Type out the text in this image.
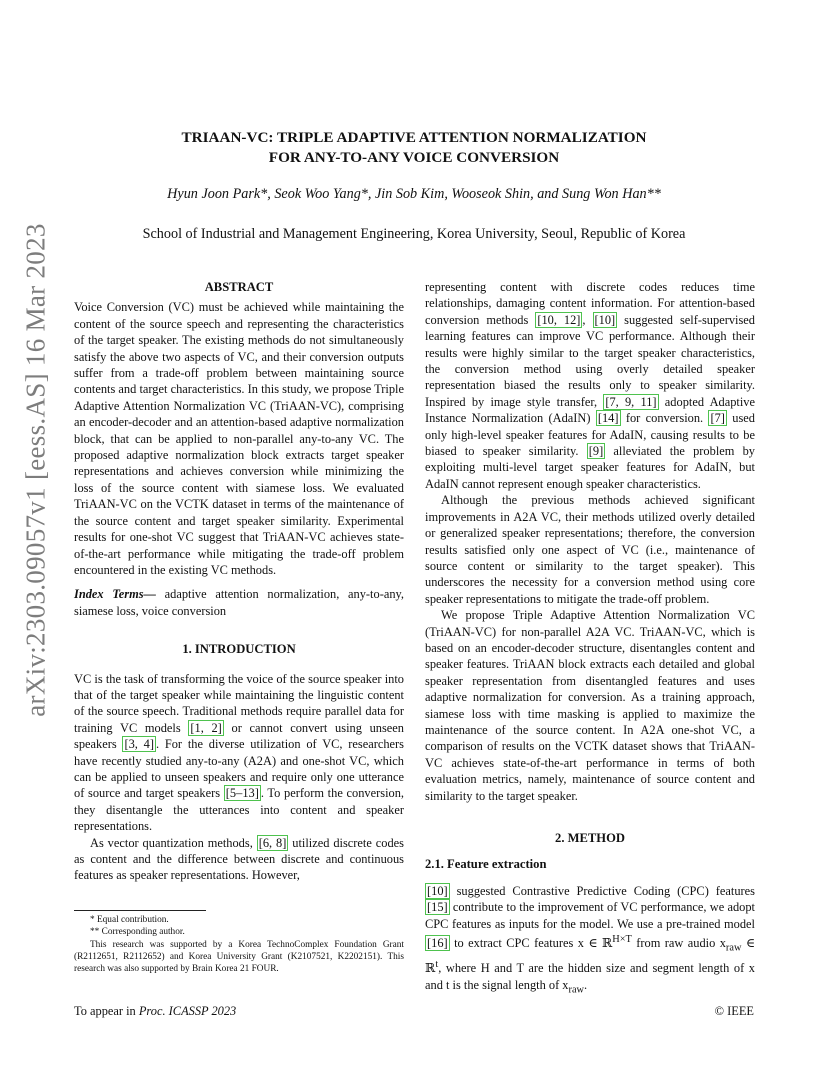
arXiv:2303.09057v1 [eess.AS] 16 Mar 2023
TRIAAN-VC: TRIPLE ADAPTIVE ATTENTION NORMALIZATION
FOR ANY-TO-ANY VOICE CONVERSION
Hyun Joon Park*, Seok Woo Yang*, Jin Sob Kim, Wooseok Shin, and Sung Won Han**
School of Industrial and Management Engineering, Korea University, Seoul, Republic of Korea

ABSTRACT

Voice Conversion (VC) must be achieved while maintaining the content of the source speech and representing the characteristics of the target speaker. The existing methods do not simultaneously satisfy the above two aspects of VC, and their conversion outputs suffer from a trade-off problem between maintaining source contents and target characteristics. In this study, we propose Triple Adaptive Attention Normalization VC (TriAAN-VC), comprising an encoder-decoder and an attention-based adaptive normalization block, that can be applied to non-parallel any-to-any VC. The proposed adaptive normalization block extracts target speaker representations and achieves conversion while minimizing the loss of the source content with siamese loss. We evaluated TriAAN-VC on the VCTK dataset in terms of the maintenance of the source content and target speaker similarity. Experimental results for one-shot VC suggest that TriAAN-VC achieves state-of-the-art performance while mitigating the trade-off problem encountered in the existing VC methods.

Index Terms— adaptive attention normalization, any-to-any, siamese loss, voice conversion

1. INTRODUCTION

VC is the task of transforming the voice of the source speaker into that of the target speaker while maintaining the linguistic content of the source speech. Traditional methods require parallel data for training VC models [1, 2] or cannot convert using unseen speakers [3, 4] . For the diverse utilization of VC, researchers have recently studied any-to-any (A2A) and one-shot VC, which can be applied to unseen speakers and require only one utterance of source and target speakers [5–13] . To perform the conversion, they disentangle the utterances into content and speaker representations.

As vector quantization methods, [6, 8] utilized discrete codes as content and the difference between discrete and continuous features as speaker representations. However,

* Equal contribution.

** Corresponding author.

This research was supported by a Korea TechnoComplex Foundation Grant (R2112651, R2112652) and Korea University Grant (K2107521, K2202151). This research was also supported by Brain Korea 21 FOUR.

representing content with discrete codes reduces time relationships, damaging content information. For attention-based conversion methods [10, 12] , [10] suggested self-supervised learning features can improve VC performance. Although their results were highly similar to the target speaker characteristics, the conversion method using overly detailed speaker representation biased the results only to speaker similarity. Inspired by image style transfer, [7, 9, 11] adopted Adaptive Instance Normalization (AdaIN) [14] for conversion. [7] used only high-level speaker features for AdaIN, causing results to be biased to speaker similarity. [9] alleviated the problem by exploiting multi-level target speaker features for AdaIN, but AdaIN cannot represent enough speaker characteristics.

Although the previous methods achieved significant improvements in A2A VC, their methods utilized overly detailed or generalized speaker representations; therefore, the conversion results satisfied only one aspect of VC (i.e., maintenance of source content or similarity to the target speaker). This underscores the necessity for a conversion method using core speaker representations to mitigate the trade-off problem.

We propose Triple Adaptive Attention Normalization VC (TriAAN-VC) for non-parallel A2A VC. TriAAN-VC, which is based on an encoder-decoder structure, disentangles content and speaker features. TriAAN block extracts each detailed and global speaker representation from disentangled features and uses adaptive normalization for conversion. As a training approach, siamese loss with time masking is applied to maximize the maintenance of the source content. In A2A one-shot VC, a comparison of results on the VCTK dataset shows that TriAAN-VC achieves state-of-the-art performance in terms of both evaluation metrics, namely, maintenance of source content and similarity to the target speaker.

2. METHOD

2.1. Feature extraction

[10] suggested Contrastive Predictive Coding (CPC) features [15] contribute to the improvement of VC performance, we adopt CPC features as inputs for the model. We use a pre-trained model [16] to extract CPC features x ∈ ℝ$^{H\times T}$ from raw audio $x_{raw}$ ∈ ℝ$^t$, where H and T are the hidden size and segment length of x and t is the signal length of $x_{raw}$.

To appear in Proc. ICASSP 2023	© IEEE
